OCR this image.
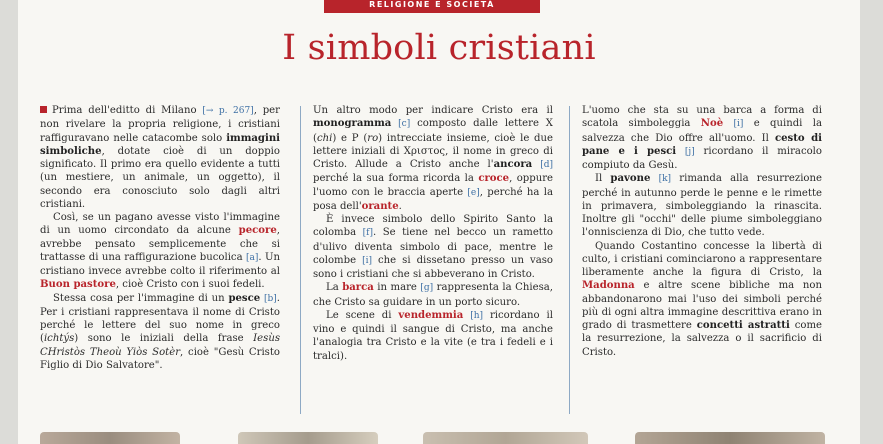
RELIGIONE E SOCIETÀ
I simboli cristiani

Prima dell'editto di Milano [→ p. 267], per non rivelare la propria religione, i cristiani raffiguravano nelle catacombe solo immagini simboliche, dotate cioè di un doppio significato. Il primo era quello evidente a tutti (un mestiere, un animale, un oggetto), il secondo era conosciuto solo dagli altri cristiani.

Così, se un pagano avesse visto l'immagine di un uomo circondato da alcune pecore, avrebbe pensato semplicemente che si trattasse di una raffigurazione bucolica [a]. Un cristiano invece avrebbe colto il riferimento al Buon pastore, cioè Cristo con i suoi fedeli.

Stessa cosa per l'immagine di un pesce [b]. Per i cristiani rappresentava il nome di Cristo perché le lettere del suo nome in greco (ichtýs) sono le iniziali della frase Iesùs CHristòs Theoù Yiòs Sotèr, cioè "Gesù Cristo Figlio di Dio Salvatore".

Un altro modo per indicare Cristo era il monogramma [c] composto dalle lettere X (chi) e P (ro) intrecciate insieme, cioè le due lettere iniziali di Χριστος, il nome in greco di Cristo. Allude a Cristo anche l'ancora [d] perché la sua forma ricorda la croce, oppure l'uomo con le braccia aperte [e], perché ha la posa dell'orante.

È invece simbolo dello Spirito Santo la colomba [f]. Se tiene nel becco un rametto d'ulivo diventa simbolo di pace, mentre le colombe [i] che si dissetano presso un vaso sono i cristiani che si abbeverano in Cristo.

La barca in mare [g] rappresenta la Chiesa, che Cristo sa guidare in un porto sicuro.

Le scene di vendemmia [h] ricordano il vino e quindi il sangue di Cristo, ma anche l'analogia tra Cristo e la vite (e tra i fedeli e i tralci).

L'uomo che sta su una barca a forma di scatola simboleggia Noè [i] e quindi la salvezza che Dio offre all'uomo. Il cesto di pane e i pesci [j] ricordano il miracolo compiuto da Gesù.

Il pavone [k] rimanda alla resurrezione perché in autunno perde le penne e le rimette in primavera, simboleggiando la rinascita. Inoltre gli "occhi" delle piume simboleggiano l'onniscienza di Dio, che tutto vede.

Quando Costantino concesse la libertà di culto, i cristiani cominciarono a rappresentare liberamente anche la figura di Cristo, la Madonna e altre scene bibliche ma non abbandonarono mai l'uso dei simboli perché più di ogni altra immagine descrittiva erano in grado di trasmettere concetti astratti come la resurrezione, la salvezza o il sacrificio di Cristo.
